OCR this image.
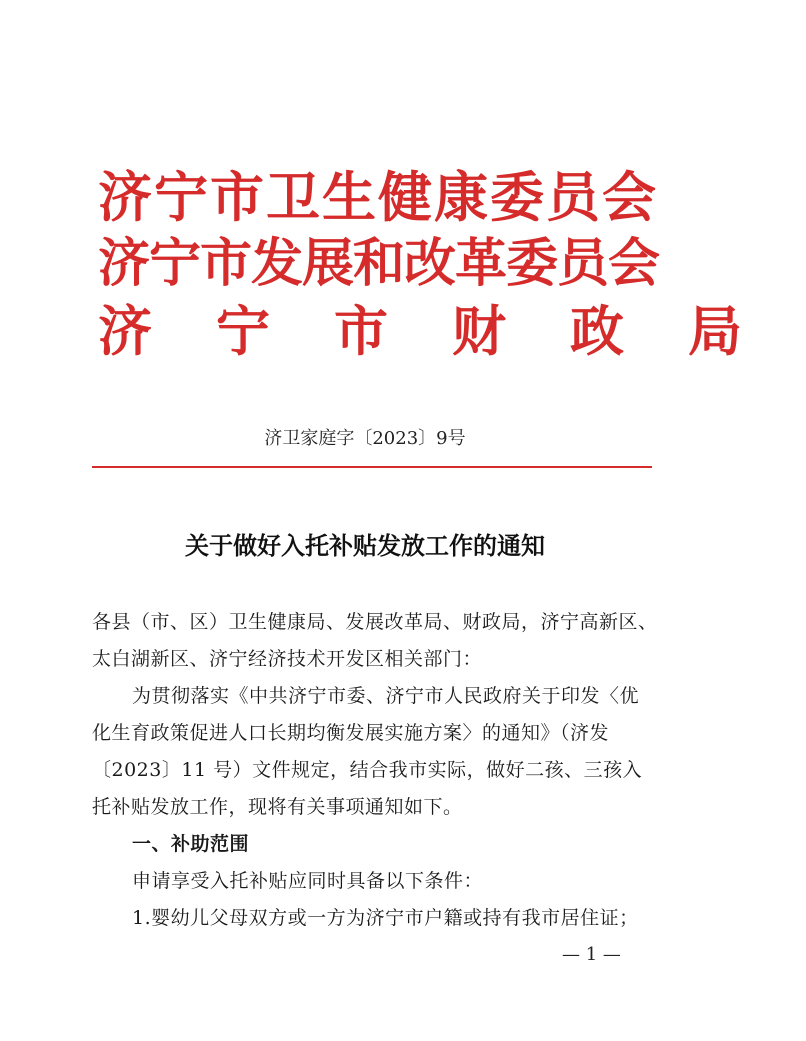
济宁市卫生健康委员会
济宁市发展和改革委员会
济宁市财政局
济卫家庭字〔2023〕9号
关于做好入托补贴发放工作的通知
各县（市、区）卫生健康局、发展改革局、财政局，济宁高新区、
太白湖新区、济宁经济技术开发区相关部门：
为贯彻落实《中共济宁市委、济宁市人民政府关于印发〈优
化生育政策促进人口长期均衡发展实施方案〉的通知》（济发
〔2023〕11 号）文件规定，结合我市实际，做好二孩、三孩入
托补贴发放工作，现将有关事项通知如下。
一、补助范围
申请享受入托补贴应同时具备以下条件：
1.婴幼儿父母双方或一方为济宁市户籍或持有我市居住证；
— 1 —
